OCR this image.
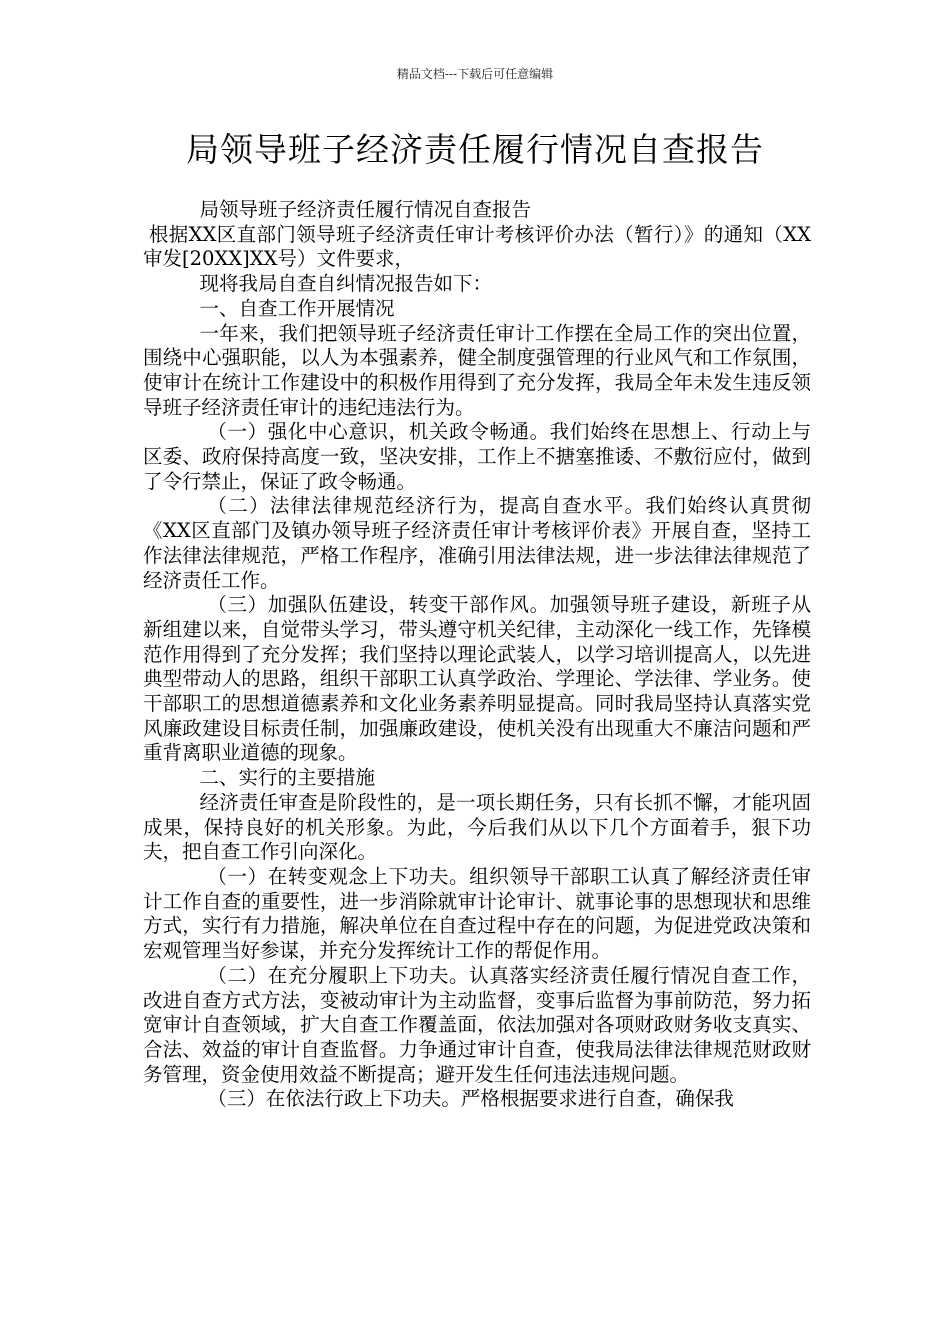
精品文档---下载后可任意编辑
局领导班子经济责任履行情况自查报告

局领导班子经济责任履行情况自查报告

根据XX区直部门领导班子经济责任审计考核评价办法（暂行）》的通知（XX审发[20XX]XX号）文件要求，

现将我局自查自纠情况报告如下：

一、自查工作开展情况

一年来，我们把领导班子经济责任审计工作摆在全局工作的突出位置，围绕中心强职能，以人为本强素养，健全制度强管理的行业风气和工作氛围，使审计在统计工作建设中的积极作用得到了充分发挥，我局全年未发生违反领导班子经济责任审计的违纪违法行为。

（一）强化中心意识，机关政令畅通。我们始终在思想上、行动上与区委、政府保持高度一致，坚决安排，工作上不搪塞推诿、不敷衍应付，做到了令行禁止，保证了政令畅通。

（二）法律法律规范经济行为，提高自查水平。我们始终认真贯彻《XX区直部门及镇办领导班子经济责任审计考核评价表》开展自查，坚持工作法律法律规范，严格工作程序，准确引用法律法规，进一步法律法律规范了经济责任工作。

（三）加强队伍建设，转变干部作风。加强领导班子建设，新班子从新组建以来，自觉带头学习，带头遵守机关纪律，主动深化一线工作，先锋模范作用得到了充分发挥；我们坚持以理论武装人，以学习培训提高人，以先进典型带动人的思路，组织干部职工认真学政治、学理论、学法律、学业务。使干部职工的思想道德素养和文化业务素养明显提高。同时我局坚持认真落实党风廉政建设目标责任制，加强廉政建设，使机关没有出现重大不廉洁问题和严重背离职业道德的现象。

二、实行的主要措施

经济责任审查是阶段性的，是一项长期任务，只有长抓不懈，才能巩固成果，保持良好的机关形象。为此，今后我们从以下几个方面着手，狠下功夫，把自查工作引向深化。

（一）在转变观念上下功夫。组织领导干部职工认真了解经济责任审计工作自查的重要性，进一步消除就审计论审计、就事论事的思想现状和思维方式，实行有力措施，解决单位在自查过程中存在的问题，为促进党政决策和宏观管理当好参谋，并充分发挥统计工作的帮促作用。

（二）在充分履职上下功夫。认真落实经济责任履行情况自查工作，改进自查方式方法，变被动审计为主动监督，变事后监督为事前防范，努力拓宽审计自查领域，扩大自查工作覆盖面，依法加强对各项财政财务收支真实、合法、效益的审计自查监督。力争通过审计自查，使我局法律法律规范财政财务管理，资金使用效益不断提高；避开发生任何违法违规问题。

（三）在依法行政上下功夫。严格根据要求进行自查，确保我
